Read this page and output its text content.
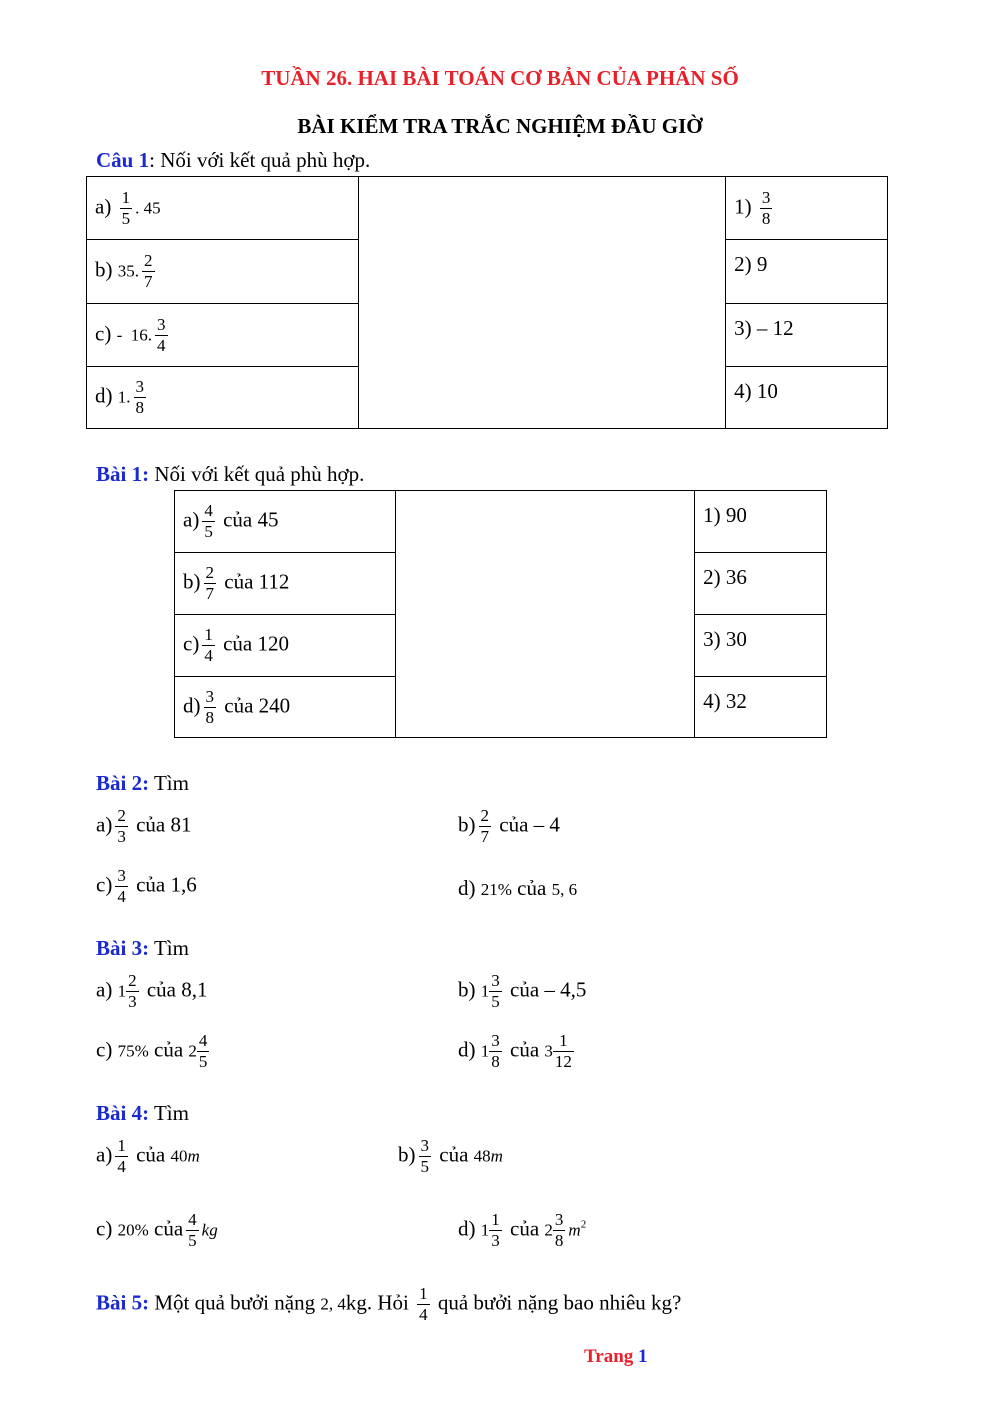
TUẦN 26. HAI BÀI TOÁN CƠ BẢN CỦA PHÂN SỐ
BÀI KIỂM TRA TRẮC NGHIỆM ĐẦU GIỜ
Câu 1: Nối với kết quả phù hợp.
$a) \frac{1}{5}$ . 45		$1) \frac{3}{8}$

b) 35. $\frac{2}{7}$		2) 9
c) -  16. $\frac{3}{4}$		3) – 12
d) 1. $\frac{3}{8}$		4) 10
Bài 1: Nối với kết quả phù hợp.
$a) \frac{4}{5}$ của 45		1) 90
$b) \frac{2}{7}$ của 112		2) 36
$c) \frac{1}{4}$ của 120		3) 30
$d) \frac{3}{8}$ của 240		4) 32
Bài 2: Tìm
$a) \frac{2}{3}$ của 81	$b) \frac{2}{7}$ của – 4
$c) \frac{3}{4}$ của 1,6	d) 21% của 5, 6
Bài 3: Tìm
a) $1 \frac{2}{3}$ của 8,1	b) $1 \frac{3}{5}$ của – 4,5
c) 75% của $2 \frac{4}{5}$	d) $1 \frac{3}{8}$ của $3 \frac{1}{12}$
Bài 4: Tìm
$a) \frac{1}{4}$ của 40m	$b) \frac{3}{5}$ của 48m
c) 20% của $\frac{4}{5}$ kg	d) $1 \frac{1}{3}$ của $2 \frac{3}{8} m^2$
Bài 5: Một quả bưởi nặng 2, 4kg. Hỏi $\frac{1}{4}$ quả bưởi nặng bao nhiêu kg?
Trang 1
